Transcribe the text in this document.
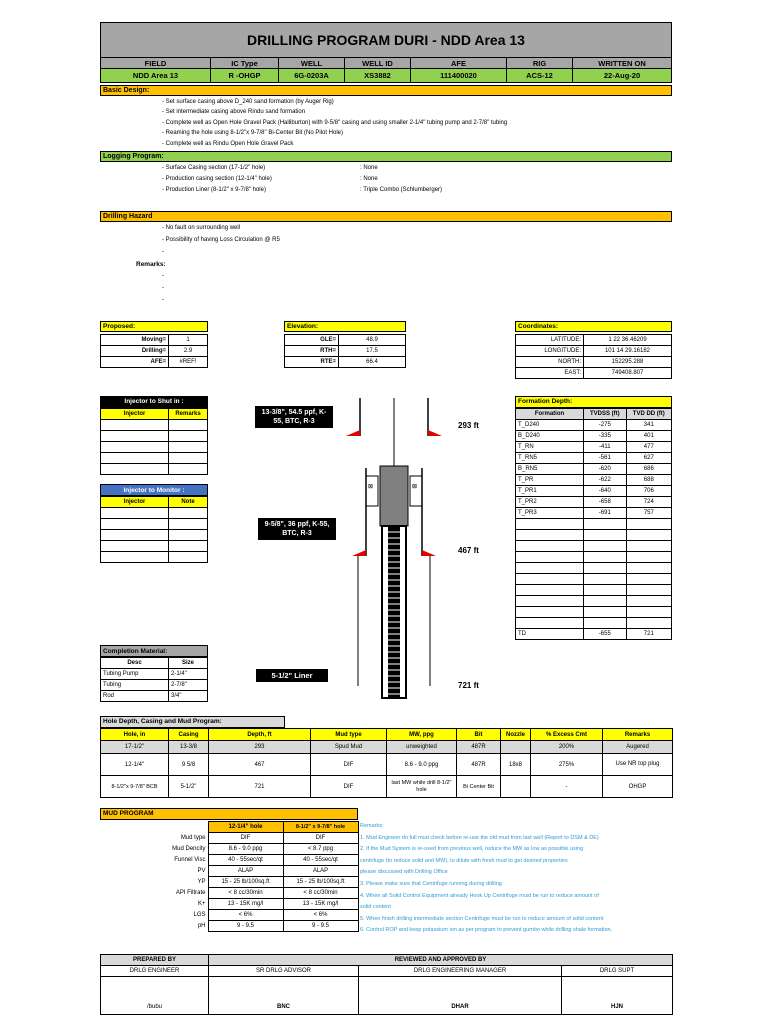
DRILLING PROGRAM DURI - NDD Area 13
FIELD	IC Type	WELL	WELL ID	AFE	RIG	WRITTEN ON
NDD Area 13	R -OHGP	6G-0203A	XS3882	111400020	ACS-12	22-Aug-20
Basic Design:
- Set surface casing above D_240 sand formation (by Auger Rig)
- Set intermediate casing above Rindu sand formation
- Complete well as Open Hole Gravel Pack (Halliburton) with 9-5/8" casing and using smaller 2-1/4" tubing pump and 2-7/8" tubing
- Reaming the hole using 8-1/2"x 9-7/8" Bi-Center Bit (No Pilot Hole)
- Complete well as Rindu Open Hole Gravel Pack
Logging Program:
- Surface Casing section (17-1/2" hole)	: None
- Production casing section (12-1/4" hole)	: None
- Production Liner (8-1/2" x 9-7/8" hole)	: Triple Combo (Schlumberger)
Drilling Hazard
- No fault on surrounding well
- Possibility of having Loss Circulation @ R5
-
Remarks:
-
-
-
Proposed:
Moving=	1
Drilling=	2.9
AFE=	#REF!
Elevation:
GLE=	48.9
RTH=	17.5
RTE=	66.4
Coordinates:
LATITUDE:	1 22 36.46209
LONGITUDE:	101 14 29.16182
NORTH:	152295.288
EAST:	749408.807
Injector to Shut in :
Injector	Remarks

Injector to Monitor :
Injector	Note

Completion Material:
Desc	Size
Tubing Pump	2-1/4"
Tubing	2-7/8"
Rod	3/4"
⊠	⊠
13-3/8", 54.5 ppf, K-55, BTC, R-3
9-5/8", 36 ppf, K-55, BTC, R-3
5-1/2" Liner
293 ft
467 ft
721 ft
Formation Depth:
Formation	TVDSS (ft)	TVD DD (ft)
T_D240	-275	341
B_D240	-335	401
T_RN	-411	477
T_RN5	-561	627
B_RN5	-620	686
T_PR	-622	688
T_PR1	-640	706
T_PR2	-658	724
T_PR3	-691	757

TD	-655	721
Hole Depth, Casing and Mud Program:
Hole, in	Casing	Depth, ft	Mud type	MW, ppg	Bit	Nozzle	% Excess Cmt	Remarks
17-1/2"	13-3/8	293	Spud Mud	unweighted	487R		200%	Augered
12-1/4"	9 5/8	467	DIF	8.6 - 9.0 ppg	487R	18x8	275%	Use NR top plug
8-1/2"x 9-7/8" BCB	5-1/2"	721	DIF	last MW while drill 8-1/2" hole	Bi Center Bit		-	OHGP
MUD PROGRAM
	12-1/4" hole	8-1/2" x 9-7/8" hole
Mud type	DIF	DIF
Mud Dencity	8.6 - 9.0 ppg	< 8.7 ppg
Funnel Visc	40 - 55sec/qt	40 - 55sec/qt
PV	ALAP	ALAP
YP	15 - 25 lb/100sq.ft	15 - 25 lb/100sq.ft
API Filtrate	< 8 cc/30min	< 8 cc/30min
K+	13 - 15K mg/l	13 - 15K mg/l
LGS	< 6%	< 6%
pH	9 - 9.5	9 - 9.5
Remarks:
1. Mud Engineer do full mud check before re-use the old mud from last well (Report to DSM & DE)
2. If the Mud System is re-used from previous well, reduce the MW as low as possible using
centrifuge (to reduce solid and MW), to dilute with fresh mud to get desired properties
please discussed with Drilling Office
3. Please make sure that Centrifuge running during drilling
4. When all Solid Control Equipment already Hook Up Centrifuge must be run to reduce amount of
solid content
5. When finish drilling intermediate section Centrifuge must be run to reduce amount of solid content
6. Control ROP and keep potassium ion as per program to prevent gumbo while drilling shale formation.
PREPARED BY	REVIEWED AND APPROVED BY		
DRLG ENGINEER	SR DRLG ADVISOR	DRLG ENGINEERING MANAGER	DRLG SUPT
/bubu	BNC	DHAR	HJN
